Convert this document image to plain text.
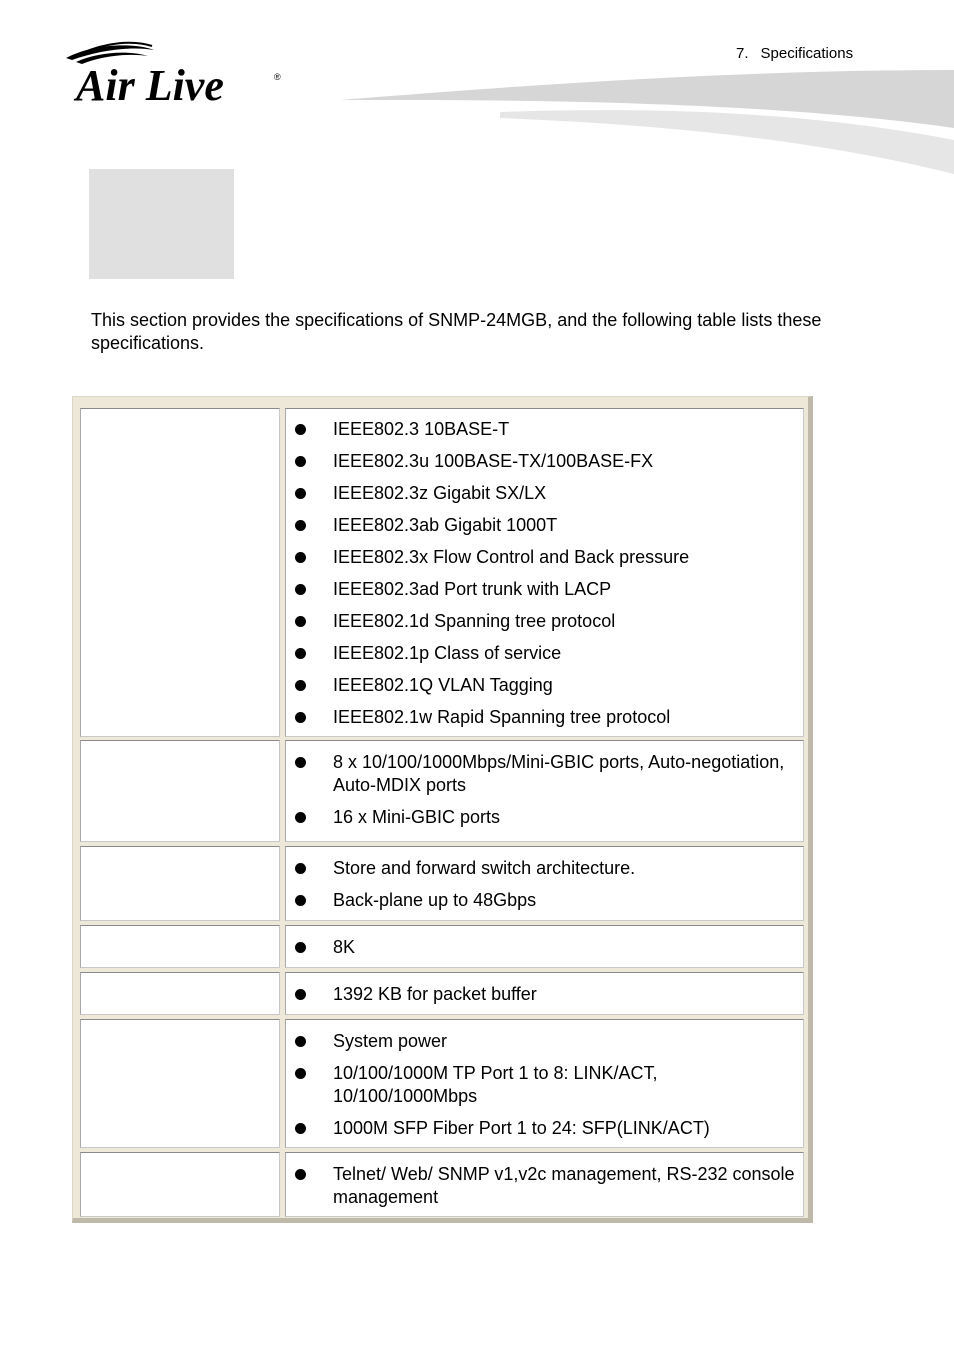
7. Specifications
Air Live	®
This section provides the specifications of SNMP-24MGB, and the following table lists these specifications.
IEEE802.3 10BASE-T
IEEE802.3u 100BASE-TX/100BASE-FX
IEEE802.3z Gigabit SX/LX
IEEE802.3ab Gigabit 1000T
IEEE802.3x Flow Control and Back pressure
IEEE802.3ad Port trunk with LACP
IEEE802.1d Spanning tree protocol
IEEE802.1p Class of service
IEEE802.1Q VLAN Tagging
IEEE802.1w Rapid Spanning tree protocol
8 x 10/100/1000Mbps/Mini-GBIC ports, Auto-negotiation, Auto-MDIX ports
16 x Mini-GBIC ports
Store and forward switch architecture.
Back-plane up to 48Gbps
8K
1392 KB for packet buffer
System power
10/100/1000M TP Port 1 to 8: LINK/ACT, 10/100/1000Mbps
1000M SFP Fiber Port 1 to 24: SFP(LINK/ACT)
Telnet/ Web/ SNMP v1,v2c management, RS-232 console management
